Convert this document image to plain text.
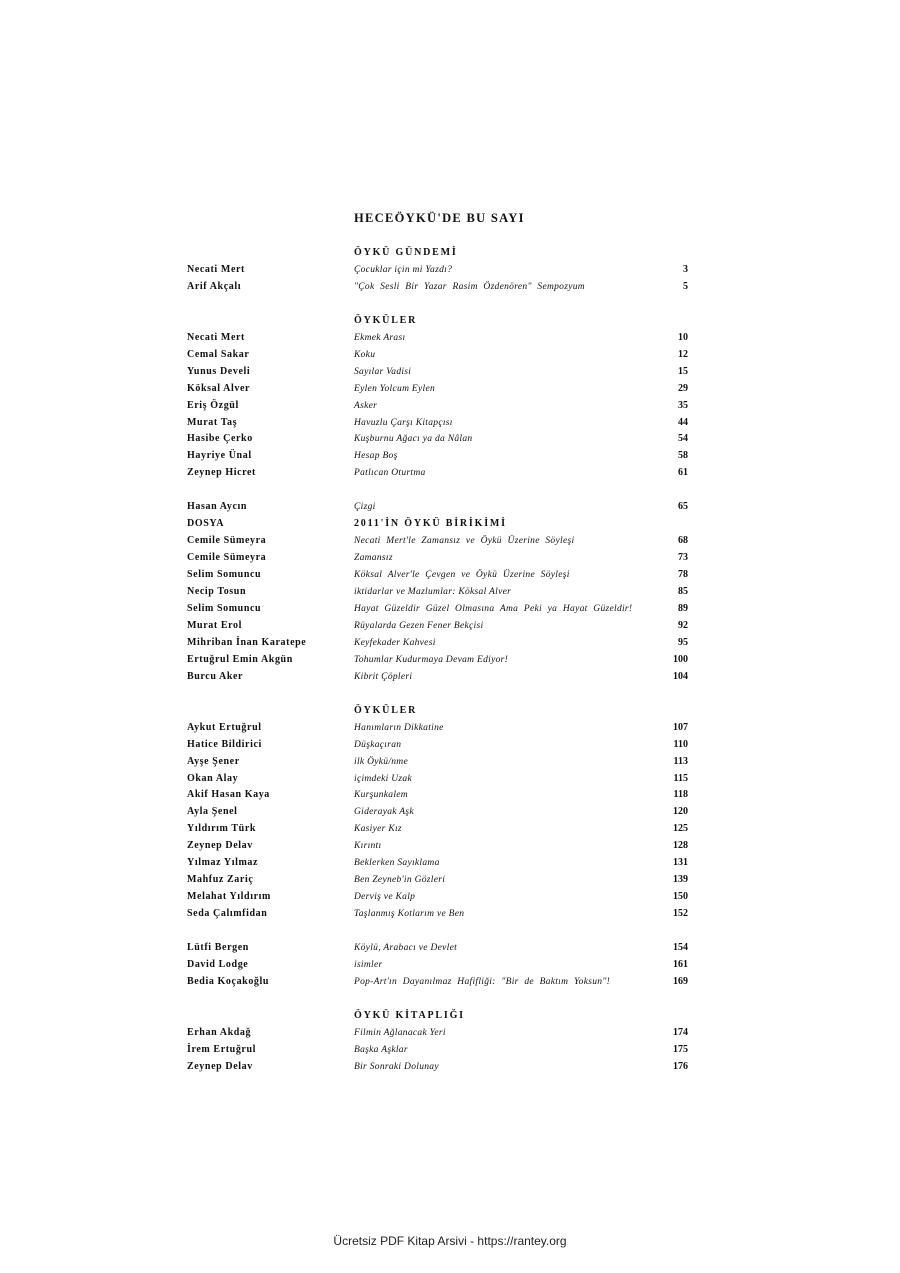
HECEÖYKÜ'DE BU SAYI
ÖYKÜ GÜNDEMİ
Necati Mert	Çocuklar için mi Yazdı?	3
Arif Akçalı	"Çok Sesli Bir Yazar Rasim Özdenören" Sempozyum	5
ÖYKÜLER
Necati Mert	Ekmek Arası	10
Cemal Sakar	Koku	12
Yunus Develi	Sayılar Vadisi	15
Köksal Alver	Eylen Yolcum Eylen	29
Eriş Özgül	Asker	35
Murat Taş	Havuzlu Çarşı Kitapçısı	44
Hasibe Çerko	Kuşburnu Ağacı ya da Nâlan	54
Hayriye Ünal	Hesap Boş	58
Zeynep Hicret	Patlıcan Oturtma	61
Hasan Aycın	Çizgi	65
DOSYA	2011'İN ÖYKÜ BİRİKİMİ
Cemile Sümeyra	Necati Mert'le Zamansız ve Öykü Üzerine Söyleşi	68
Cemile Sümeyra	Zamansız	73
Selim Somuncu	Köksal Alver'le Çevgen ve Öykü Üzerine Söyleşi	78
Necip Tosun	iktidarlar ve Mazlumlar: Köksal Alver	85
Selim Somuncu	Hayat Güzeldir Güzel Olmasına Ama Peki ya Hayat Güzeldir!	89
Murat Erol	Rüyalarda Gezen Fener Bekçisi	92
Mihriban İnan Karatepe	Keyfekader Kahvesi	95
Ertuğrul Emin Akgün	Tohumlar Kudurmaya Devam Ediyor!	100
Burcu Aker	Kibrit Çöpleri	104
ÖYKÜLER
Aykut Ertuğrul	Hanımların Dikkatine	107
Hatice Bildirici	Düşkaçıran	110
Ayşe Şener	ilk Öykü/nme	113
Okan Alay	içimdeki Uzak	115
Akif Hasan Kaya	Kurşunkalem	118
Ayla Şenel	Giderayak Aşk	120
Yıldırım Türk	Kasiyer Kız	125
Zeynep Delav	Kırıntı	128
Yılmaz Yılmaz	Beklerken Sayıklama	131
Mahfuz Zariç	Ben Zeyneb'in Gözleri	139
Melahat Yıldırım	Derviş ve Kalp	150
Seda Çalımfidan	Taşlanmış Kotlarım ve Ben	152
Lütfi Bergen	Köylü, Arabacı ve Devlet	154
David Lodge	isimler	161
Bedia Koçakoğlu	Pop-Art'ın Dayanılmaz Hafifliği: "Bir de Baktım Yoksun"!	169
ÖYKÜ KİTAPLIĞI
Erhan Akdağ	Filmin Ağlanacak Yeri	174
İrem Ertuğrul	Başka Aşklar	175
Zeynep Delav	Bir Sonraki Dolunay	176
Ücretsiz PDF Kitap Arsivi - https://rantey.org
